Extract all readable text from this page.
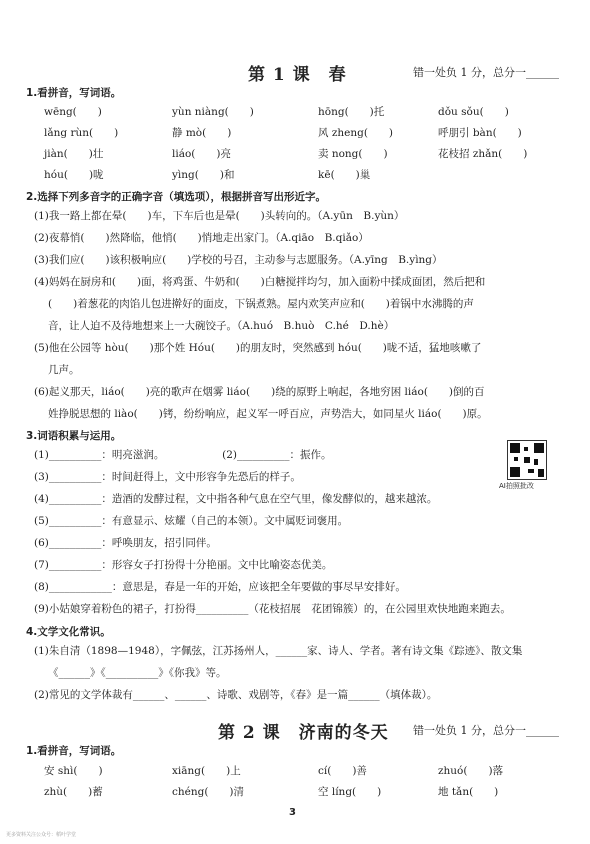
第 1 课　春	错一处负 1 分，总分一______
1.看拼音，写词语。
wēng(　　)	yùn niàng(　　)	hōng(　　)托	dǒu sǒu(　　)
lǎng rùn(　　)	静 mò(　　)	风 zheng(　　)	呼朋引 bàn(　　)
jiàn(　　)壮	liáo(　　)亮	卖 nong(　　)	花枝招 zhǎn(　　)
hóu(　　)咙	yìng(　　)和	kē(　　)巢
2.选择下列多音字的正确字音（填选项），根据拼音写出形近字。
(1)我一路上都在晕(　　)车，下车后也是晕(　　)头转向的。（A.yūn　B.yùn）
(2)夜幕悄(　　)然降临，他悄(　　)悄地走出家门。（A.qiāo　B.qiǎo）
(3)我们应(　　)该积极响应(　　)学校的号召，主动参与志愿服务。（A.yīng　B.yìng）
(4)妈妈在厨房和(　　)面，将鸡蛋、牛奶和(　　)白糖搅拌均匀，加入面粉中揉成面团，然后把和
(　　)着葱花的肉馅儿包进擀好的面皮，下锅煮熟。屋内欢笑声应和(　　)着锅中水沸腾的声
音，让人迫不及待地想来上一大碗饺子。（A.huó　B.huò　C.hé　D.hè）
(5)他在公园等 hòu(　　)那个姓 Hóu(　　)的朋友时，突然感到 hóu(　　)咙不适，猛地咳嗽了
几声。
(6)起义那天，liáo(　　)亮的歌声在烟雾 liáo(　　)绕的原野上响起，各地穷困 liáo(　　)倒的百
姓挣脱思想的 liào(　　)铐，纷纷响应，起义军一呼百应，声势浩大，如同星火 liáo(　　)原。
3.词语积累与运用。
(1)__________：明亮滋润。　　　　　　(2)__________：振作。
(3)__________：时间赶得上，文中形容争先恐后的样子。
(4)__________：造酒的发酵过程，文中指各种气息在空气里，像发酵似的，越来越浓。
(5)__________：有意显示、炫耀（自己的本领）。文中属贬词褒用。
(6)__________：呼唤朋友，招引同伴。
(7)__________：形容女子打扮得十分艳丽。文中比喻姿态优美。
(8)____________：意思是，春是一年的开始，应该把全年要做的事尽早安排好。
(9)小姑娘穿着粉色的裙子，打扮得__________（花枝招展　花团锦簇）的，在公园里欢快地跑来跑去。
AI拍照批改
4.文学文化常识。
(1)朱自清（1898—1948），字佩弦，江苏扬州人，______家、诗人、学者。著有诗文集《踪迹》、散文集
《______》《__________》《你我》等。
(2)常见的文学体裁有______、______、诗歌、戏剧等，《春》是一篇______（填体裁）。
第 2 课　济南的冬天 错一处负 1 分，总分一______
1.看拼音，写词语。
安 shì(　　)	xiāng(　　)上	cí(　　)善	zhuó(　　)落
zhù(　　)蓄	chéng(　　)清	空 líng(　　)	地 tǎn(　　)
3
更多资料关注公众号：稻叶学堂
